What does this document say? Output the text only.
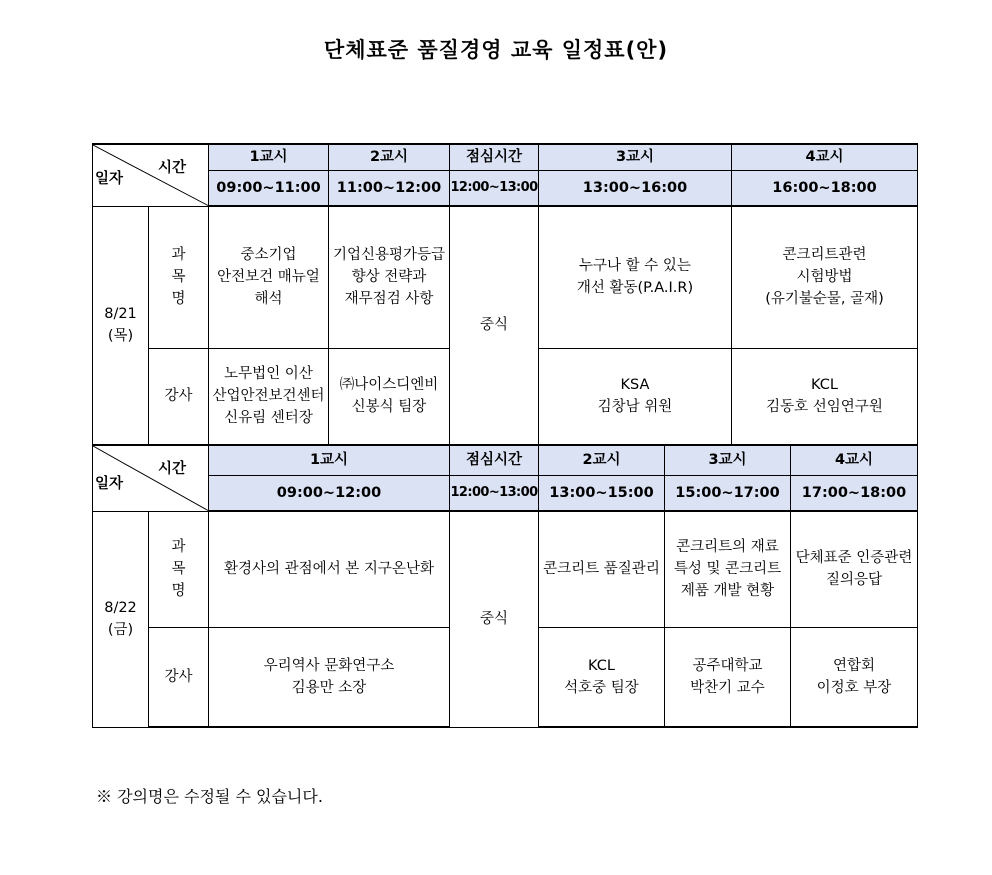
단체표준 품질경영 교육 일정표(안)
시간
일자		1교시	2교시	점심시간	3교시	4교시
		09:00~11:00	11:00~12:00	12:00~13:00	13:00~16:00	16:00~18:00

8/21
(목)	과
목
명	중소기업
안전보건 매뉴얼
해석	기업신용평가등급
향상 전략과
재무점검 사항	중식	누구나 할 수 있는
개선 활동(P.A.I.R)	콘크리트관련
시험방법
(유기불순물, 골재)

	강사	노무법인 이산
산업안전보건센터
신유림 센터장	㈜나이스디엔비
신봉식 팀장		KSA
김창남 위원	KCL
김동호 선임연구원
시간
일자		1교시	점심시간	2교시	3교시	4교시
		09:00~12:00	12:00~13:00	13:00~15:00	15:00~17:00	17:00~18:00

8/22
(금)	과
목
명	환경사의 관점에서 본 지구온난화	중식	콘크리트 품질관리	콘크리트의 재료
특성 및 콘크리트
제품 개발 현황	단체표준 인증관련
질의응답

	강사	우리역사 문화연구소
김용만 소장		KCL
석호중 팀장	공주대학교
박찬기 교수	연합회
이정호 부장
※ 강의명은 수정될 수 있습니다.
